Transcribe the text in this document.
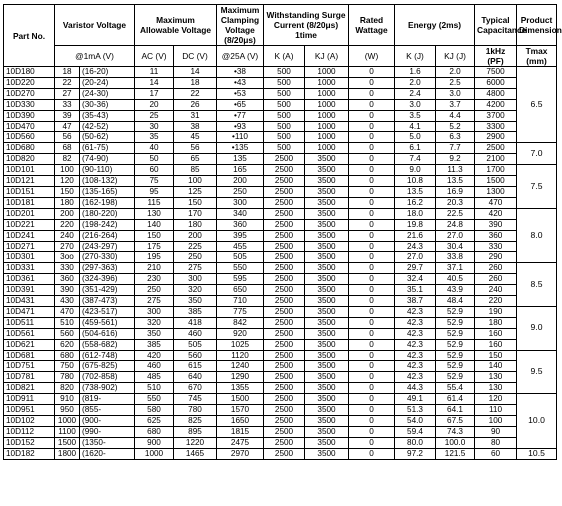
Part No.	Varistor Voltage		Maximum Allowable Voltage		Maximum Clamping Voltage (8/20μs)	Withstanding Surge Current (8/20μs) 1time		Rated Wattage	Energy (2ms)		Typical Capacitance	Product Dimension
	@1mA (V)		AC (V)	DC (V)	@25A (V)	K (A)	KJ (A)	(W)	K (J)	KJ (J)	1kHz (PF)	Tmax (mm)
10D180	18	(16-20)	11	14	•38	500	1000	0	1.6	2.0	7500	6.5
10D220	22	(20-24)	14	18	•43	500	1000	0	2.0	2.5	6000	
10D270	27	(24-30)	17	22	•53	500	1000	0	2.4	3.0	4800	
10D330	33	(30-36)	20	26	•65	500	1000	0	3.0	3.7	4200	
10D390	39	(35-43)	25	31	•77	500	1000	0	3.5	4.4	3700	
10D470	47	(42-52)	30	38	•93	500	1000	0	4.1	5.2	3300	
10D560	56	(50-62)	35	45	•110	500	1000	0	5.0	6.3	2900	
10D680	68	(61-75)	40	56	•135	500	1000	0	6.1	7.7	2500	7.0
10D820	82	(74-90)	50	65	135	2500	3500	0	7.4	9.2	2100	
10D101	100	(90-110)	60	85	165	2500	3500	0	9.0	11.3	1700	7.5
10D121	120	(108-132)	75	100	200	2500	3500	0	10.8	13.5	1500	
10D151	150	(135-165)	95	125	250	2500	3500	0	13.5	16.9	1300	
10D181	180	(162-198)	115	150	300	2500	3500	0	16.2	20.3	470	
10D201	200	(180-220)	130	170	340	2500	3500	0	18.0	22.5	420	8.0
10D221	220	(198-242)	140	180	360	2500	3500	0	19.8	24.8	390	
10D241	240	(216-264)	150	200	395	2500	3500	0	21.6	27.0	360	
10D271	270	(243-297)	175	225	455	2500	3500	0	24.3	30.4	330	
10D301	3oo	(270-330)	195	250	505	2500	3500	0	27.0	33.8	290	
10D331	330	(297-363)	210	275	550	2500	3500	0	29.7	37.1	260	8.5
10D361	360	(324-396)	230	300	595	2500	3500	0	32.4	40.5	260	
10D391	390	(351-429)	250	320	650	2500	3500	0	35.1	43.9	240	
10D431	430	(387-473)	275	350	710	2500	3500	0	38.7	48.4	220	
10D471	470	(423-517)	300	385	775	2500	3500	0	42.3	52.9	190	9.0
10D511	510	(459-561)	320	418	842	2500	3500	0	42.3	52.9	180	
10D561	560	(504-616)	350	460	920	2500	3500	0	42.3	52.9	160	
10D621	620	(558-682)	385	505	1025	2500	3500	0	42.3	52.9	160	
10D681	680	(612-748)	420	560	1120	2500	3500	0	42.3	52.9	150	9.5
10D751	750	(675-825)	460	615	1240	2500	3500	0	42.3	52.9	140	
10D781	780	(702-858)	485	640	1290	2500	3500	0	42.3	52.9	130	
10D821	820	(738-902)	510	670	1355	2500	3500	0	44.3	55.4	130	
10D911	910	(819-	550	745	1500	2500	3500	0	49.1	61.4	120	10.0
10D951	950	(855-	580	780	1570	2500	3500	0	51.3	64.1	110	
10D102	1000	(900-	625	825	1650	2500	3500	0	54.0	67.5	100	
10D112	1100	(990-	680	895	1815	2500	3500	0	59.4	74.3	90	
10D152	1500	(1350-	900	1220	2475	2500	3500	0	80.0	100.0	80	
10D182	1800	(1620-	1000	1465	2970	2500	3500	0	97.2	121.5	60	10.5
